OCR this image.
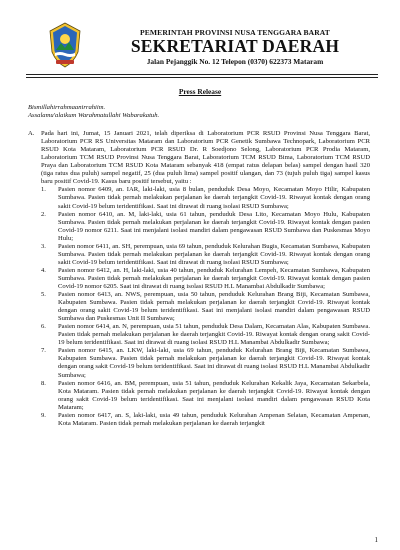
PEMERINTAH PROVINSI NUSA TENGGARA BARAT
SEKRETARIAT DAERAH
Jalan Pejanggik No. 12 Telepon (0370) 622373 Mataram
Press Release
Bismillahirrahmaanirrahiim.
Assalamu'alaikum Warahmatullahi Wabarakatuh.
A. Pada hari ini, Jumat, 15 Januari 2021, telah diperiksa di Laboratorium PCR RSUD Provinsi Nusa Tenggara Barat, Laboratorium PCR RS Universitas Mataram dan Laboratorium PCR Genetik Sumbawa Technopark, Laboratorium PCR RSUD Kota Mataram, Laboratorium PCR RSUD Dr. R Soedjono Selong, Laboratorium PCR Prodia Mataram, Laboratorium TCM RSUD Provinsi Nusa Tenggara Barat, Laboratorium TCM RSUD Bima, Laboratorium TCM RSUD Praya dan Laboratorium TCM RSUD Kota Mataram sebanyak 418 (empat ratus delapan belas) sampel dengan hasil 320 (tiga ratus dua puluh) sampel negatif, 25 (dua puluh lima) sampel positif ulangan, dan 73 (tujuh puluh tiga) sampel kasus baru positif Covid-19. Kasus baru positif tersebut, yaitu :
1. Pasien nomor 6409, an. IAR, laki-laki, usia 8 bulan, penduduk Desa Moyo, Kecamatan Moyo Hilir, Kabupaten Sumbawa. Pasien tidak pernah melakukan perjalanan ke daerah terjangkit Covid-19. Riwayat kontak dengan orang sakit Covid-19 belum teridentifikasi. Saat ini dirawat di ruang isolasi RSUD Sumbawa;
2. Pasien nomor 6410, an. M, laki-laki, usia 61 tahun, penduduk Desa Lito, Kecamatan Moyo Hulu, Kabupaten Sumbawa. Pasien tidak pernah melakukan perjalanan ke daerah terjangkit Covid-19. Riwayat kontak dengan pasien Covid-19 nomor 6211. Saat ini menjalani isolasi mandiri dalam pengawasan RSUD Sumbawa dan Puskesmas Moyo Hulu;
3. Pasien nomor 6411, an. SH, perempuan, usia 69 tahun, penduduk Kelurahan Bugis, Kecamatan Sumbawa, Kabupaten Sumbawa. Pasien tidak pernah melakukan perjalanan ke daerah terjangkit Covid-19. Riwayat kontak dengan orang sakit Covid-19 belum teridentifikasi. Saat ini dirawat di ruang isolasi RSUD Sumbawa;
4. Pasien nomor 6412, an. H, laki-laki, usia 40 tahun, penduduk Kelurahan Lempeh, Kecamatan Sumbawa, Kabupaten Sumbawa. Pasien tidak pernah melakukan perjalanan ke daerah terjangkit Covid-19. Riwayat kontak dengan pasien Covid-19 nomor 6205. Saat ini dirawat di ruang isolasi RSUD H.L Manambai Abdulkadir Sumbawa;
5. Pasien nomor 6413, an. NWS, perempuan, usia 50 tahun, penduduk Kelurahan Brang Biji, Kecamatan Sumbawa, Kabupaten Sumbawa. Pasien tidak pernah melakukan perjalanan ke daerah terjangkit Covid-19. Riwayat kontak dengan orang sakit Covid-19 belum teridentifikasi. Saat ini menjalani isolasi mandiri dalam pengawasan RSUD Sumbawa dan Puskesmas Unit II Sumbawa;
6. Pasien nomor 6414, an. N, perempuan, usia 51 tahun, penduduk Desa Dalam, Kecamatan Alas, Kabupaten Sumbawa. Pasien tidak pernah melakukan perjalanan ke daerah terjangkit Covid-19. Riwayat kontak dengan orang sakit Covid-19 belum teridentifikasi. Saat ini dirawat di ruang isolasi RSUD H.L Manambai Abdulkadir Sumbawa;
7. Pasien nomor 6415, an. LKW, laki-laki, usia 69 tahun, penduduk Kelurahan Brang Biji, Kecamatan Sumbawa, Kabupaten Sumbawa. Pasien tidak pernah melakukan perjalanan ke daerah terjangkit Covid-19. Riwayat kontak dengan orang sakit Covid-19 belum teridentifikasi. Saat ini dirawat di ruang isolasi RSUD H.L Manambai Abdulkadir Sumbawa;
8. Pasien nomor 6416, an. BM, perempuan, usia 51 tahun, penduduk Kelurahan Kekalik Jaya, Kecamatan Sekarbela, Kota Mataram. Pasien tidak pernah melakukan perjalanan ke daerah terjangkit Covid-19. Riwayat kontak dengan orang sakit Covid-19 belum teridentifikasi. Saat ini menjalani isolasi mandiri dalam pengawasan RSUD Kota Mataram;
9. Pasien nomor 6417, an. S, laki-laki, usia 49 tahun, penduduk Kelurahan Ampenan Selatan, Kecamatan Ampenan, Kota Mataram. Pasien tidak pernah melakukan perjalanan ke daerah terjangkit
1
